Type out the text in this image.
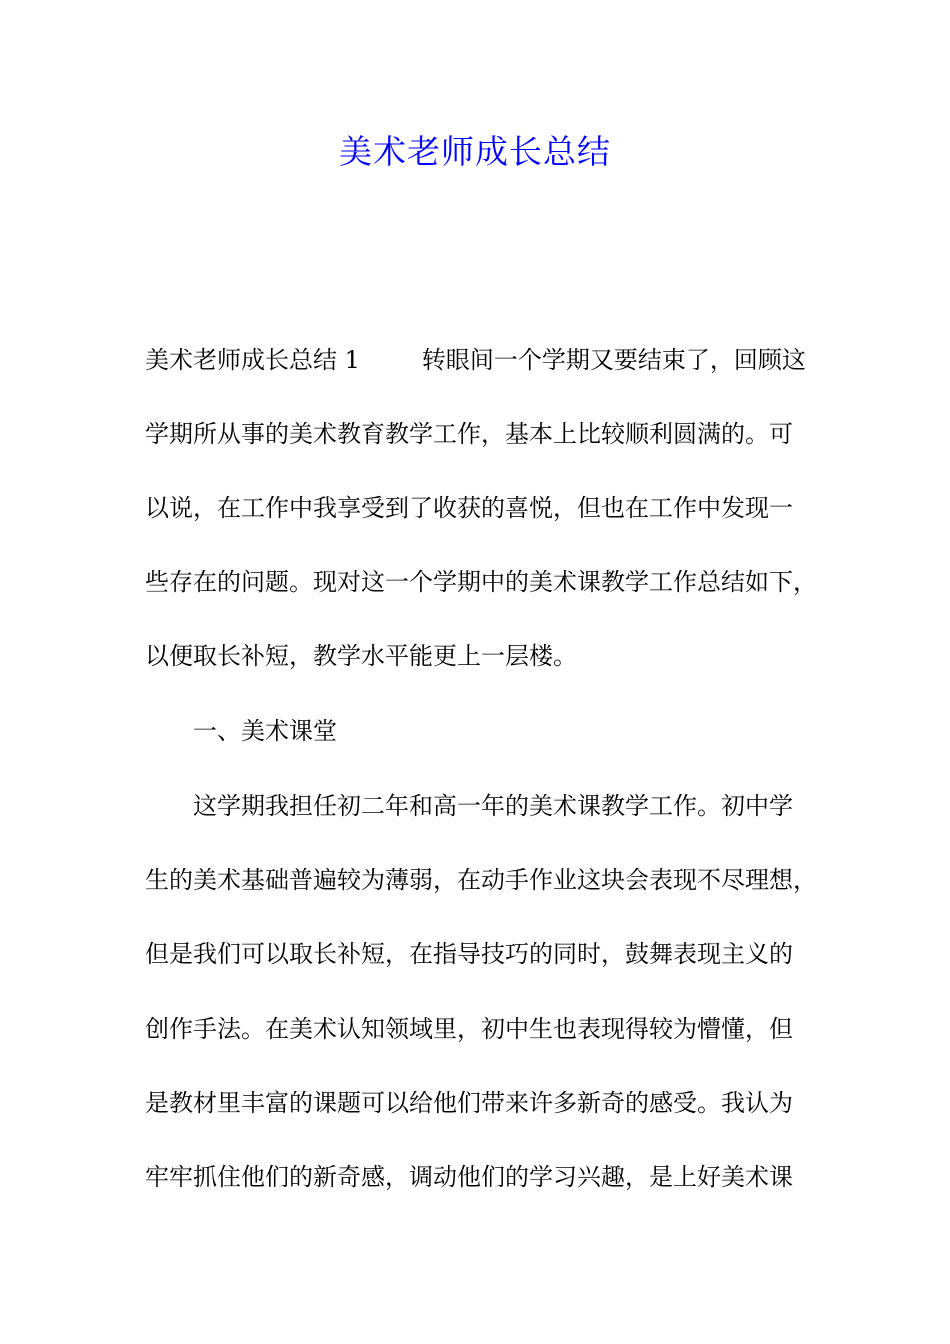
美术老师成长总结
美术老师成长总结 1	转眼间一个学期又要结束了，回顾这
学期所从事的美术教育教学工作，基本上比较顺利圆满的。可
以说，在工作中我享受到了收获的喜悦，但也在工作中发现一
些存在的问题。现对这一个学期中的美术课教学工作总结如下，
以便取长补短，教学水平能更上一层楼。
一、美术课堂
这学期我担任初二年和高一年的美术课教学工作。初中学
生的美术基础普遍较为薄弱，在动手作业这块会表现不尽理想，
但是我们可以取长补短，在指导技巧的同时，鼓舞表现主义的
创作手法。在美术认知领域里，初中生也表现得较为懵懂，但
是教材里丰富的课题可以给他们带来许多新奇的感受。我认为
牢牢抓住他们的新奇感，调动他们的学习兴趣，是上好美术课
